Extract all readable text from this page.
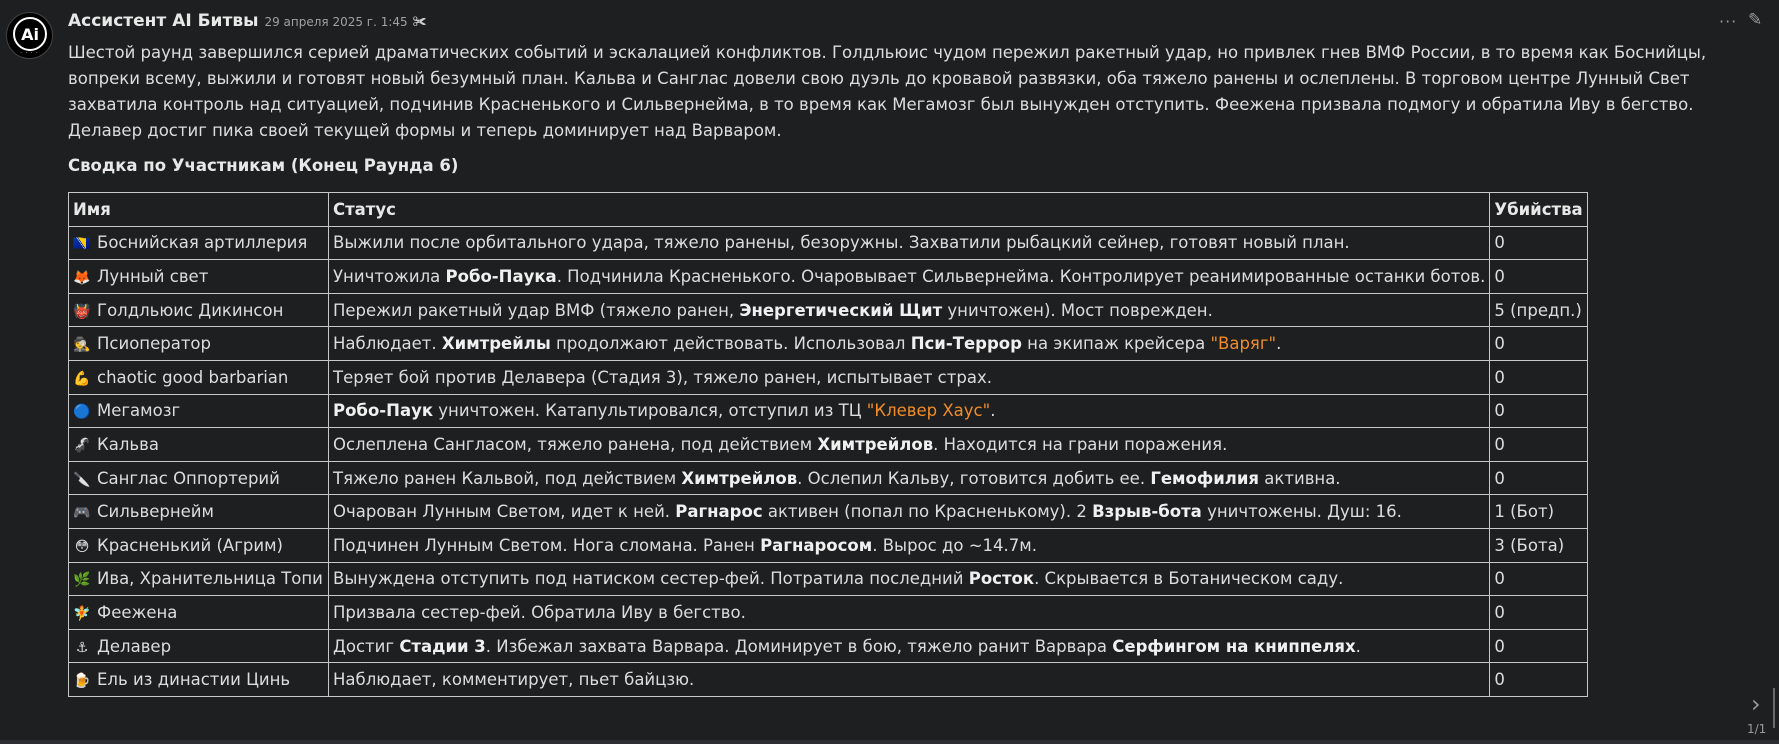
Ai
· · · ·
Ассистент AI Битвы 29 апреля 2025 г. 1:45 ✀	··· ✎

Шестой раунд завершился серией драматических событий и эскалацией конфликтов. Голдльюис чудом пережил ракетный удар, но привлек гнев ВМФ России, в то время как Боснийцы, вопреки всему, выжили и готовят новый безумный план. Кальва и Санглас довели свою дуэль до кровавой развязки, оба тяжело ранены и ослеплены. В торговом центре Лунный Свет захватила контроль над ситуацией, подчинив Красненького и Сильвернейма, в то время как Мегамозг был вынужден отступить. Феежена призвала подмогу и обратила Иву в бегство. Делавер достиг пика своей текущей формы и теперь доминирует над Варваром.

Сводка по Участникам (Конец Раунда 6)
Имя	Статус	Убийства
🇧🇦 Боснийская артиллерия	Выжили после орбитального удара, тяжело ранены, безоружны. Захватили рыбацкий сейнер, готовят новый план.	0
🦊 Лунный свет	Уничтожила Робо-Паука. Подчинила Красненького. Очаровывает Сильвернейма. Контролирует реанимированные останки ботов.	0
👹 Голдльюис Дикинсон	Пережил ракетный удар ВМФ (тяжело ранен, Энергетический Щит уничтожен). Мост поврежден.	5 (предп.)
🕵 Псиоператор	Наблюдает. Химтрейлы продолжают действовать. Использовал Пси-Террор на экипаж крейсера "Варяг".	0
💪 chaotic good barbarian	Теряет бой против Делавера (Стадия 3), тяжело ранен, испытывает страх.	0
🔵 Мегамозг	Робо-Паук уничтожен. Катапультировался, отступил из ТЦ "Клевер Хаус".	0
🦨 Кальва	Ослеплена Сангласом, тяжело ранена, под действием Химтрейлов. Находится на грани поражения.	0
🔪 Санглас Оппортерий	Тяжело ранен Кальвой, под действием Химтрейлов. Ослепил Кальву, готовится добить ее. Гемофилия активна.	0
🎮 Сильвернейм	Очарован Лунным Светом, идет к ней. Рагнарос активен (попал по Красненькому). 2 Взрыв-бота уничтожены. Душ: 16.	1 (Бот)
😳 Красненький (Агрим)	Подчинен Лунным Светом. Нога сломана. Ранен Рагнаросом. Вырос до ~14.7м.	3 (Бота)
🌿 Ива, Хранительница Топи	Вынуждена отступить под натиском сестер-фей. Потратила последний Росток. Скрывается в Ботаническом саду.	0
🧚 Феежена	Призвала сестер-фей. Обратила Иву в бегство.	0
⚓ Делавер	Достиг Стадии 3. Избежал захвата Варвара. Доминирует в бою, тяжело ранит Варвара Серфингом на книппелях.	0
🍺 Ель из династии Цинь	Наблюдает, комментирует, пьет байцзю.	0
›
1/1
